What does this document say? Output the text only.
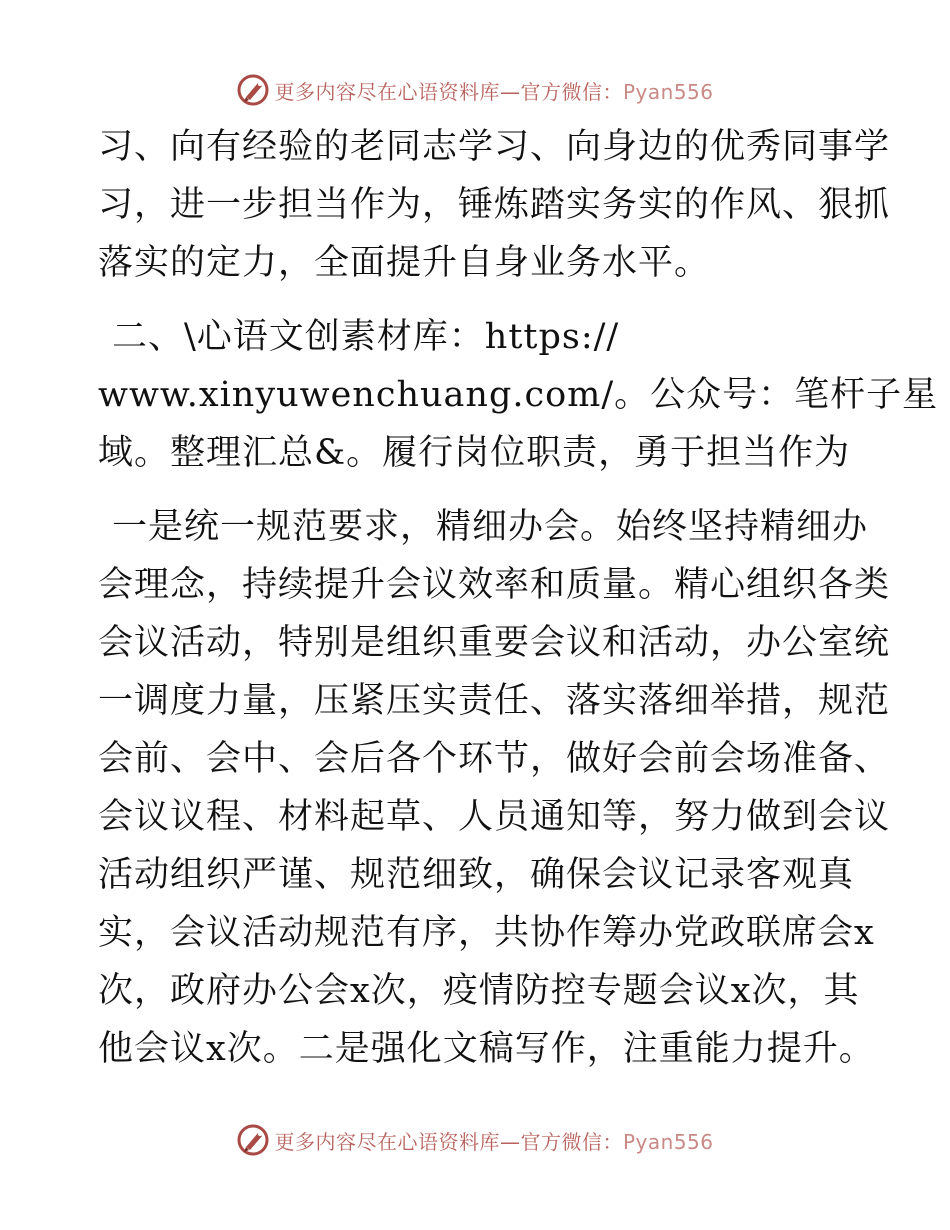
更多内容尽在心语资料库—官方微信：Pyan556
习、向有经验的老同志学习、向身边的优秀同事学
习，进一步担当作为，锤炼踏实务实的作风、狠抓
落实的定力，全面提升自身业务水平。
二、\心语文创素材库：https://
www.xinyuwenchuang.com/。公众号：笔杆子星
域。整理汇总&。履行岗位职责，勇于担当作为
一是统一规范要求，精细办会。始终坚持精细办
会理念，持续提升会议效率和质量。精心组织各类
会议活动，特别是组织重要会议和活动，办公室统
一调度力量，压紧压实责任、落实落细举措，规范
会前、会中、会后各个环节，做好会前会场准备、
会议议程、材料起草、人员通知等，努力做到会议
活动组织严谨、规范细致，确保会议记录客观真
实，会议活动规范有序，共协作筹办党政联席会x
次，政府办公会x次，疫情防控专题会议x次，其
他会议x次。二是强化文稿写作，注重能力提升。
更多内容尽在心语资料库—官方微信：Pyan556
